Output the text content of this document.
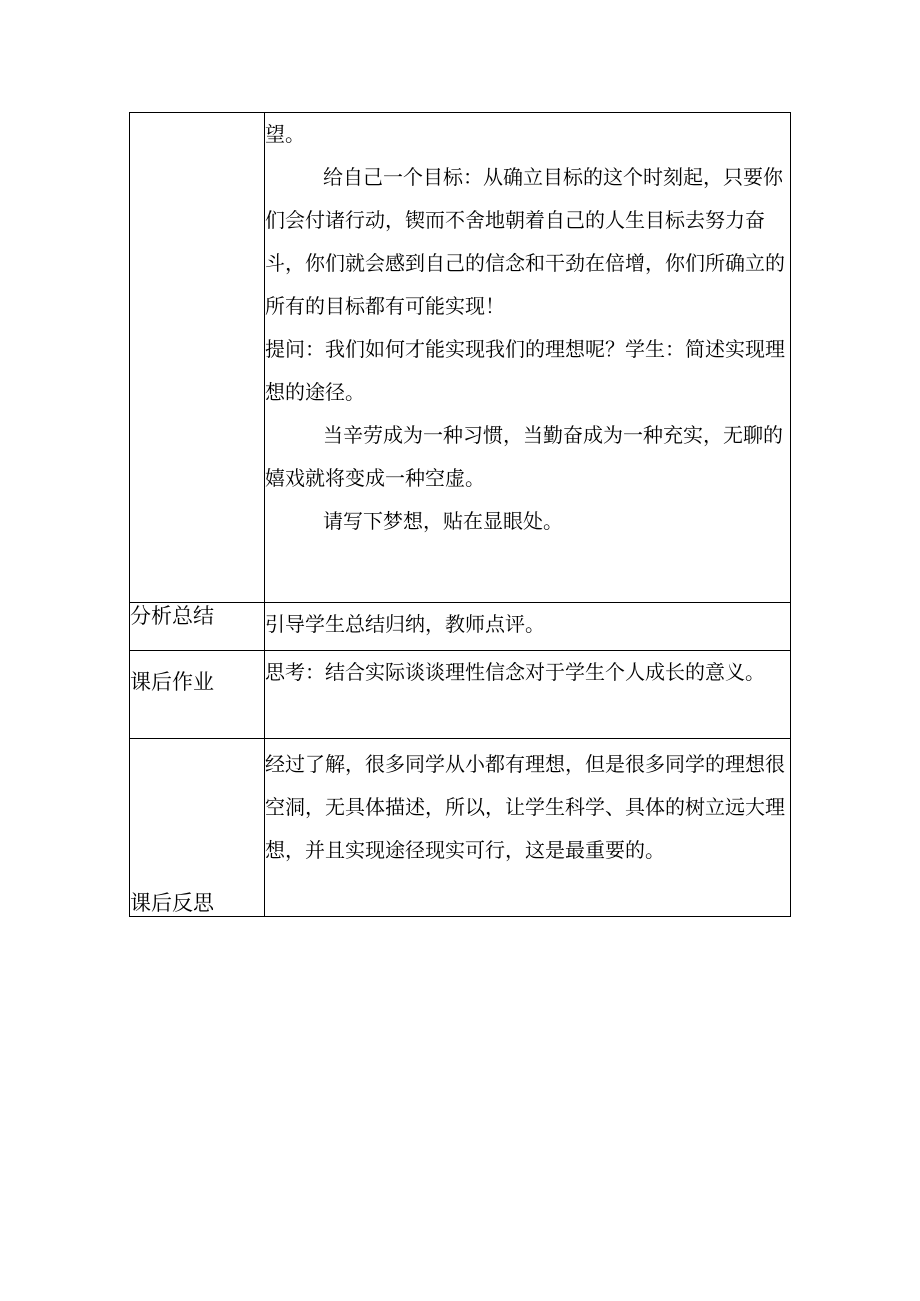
	望。

给自己一个目标：从确立目标的这个时刻起，只要你们会付诸行动，锲而不舍地朝着自己的人生目标去努力奋斗，你们就会感到自己的信念和干劲在倍增，你们所确立的所有的目标都有可能实现！

提问：我们如何才能实现我们的理想呢？学生：简述实现理想的途径。

当辛劳成为一种习惯，当勤奋成为一种充实，无聊的嬉戏就将变成一种空虚。

请写下梦想，贴在显眼处。

分析总结	引导学生总结归纳，教师点评。

课后作业	思考：结合实际谈谈理性信念对于学生个人成长的意义。

课后反思	经过了解，很多同学从小都有理想，但是很多同学的理想很空洞，无具体描述，所以，让学生科学、具体的树立远大理想，并且实现途径现实可行，这是最重要的。
